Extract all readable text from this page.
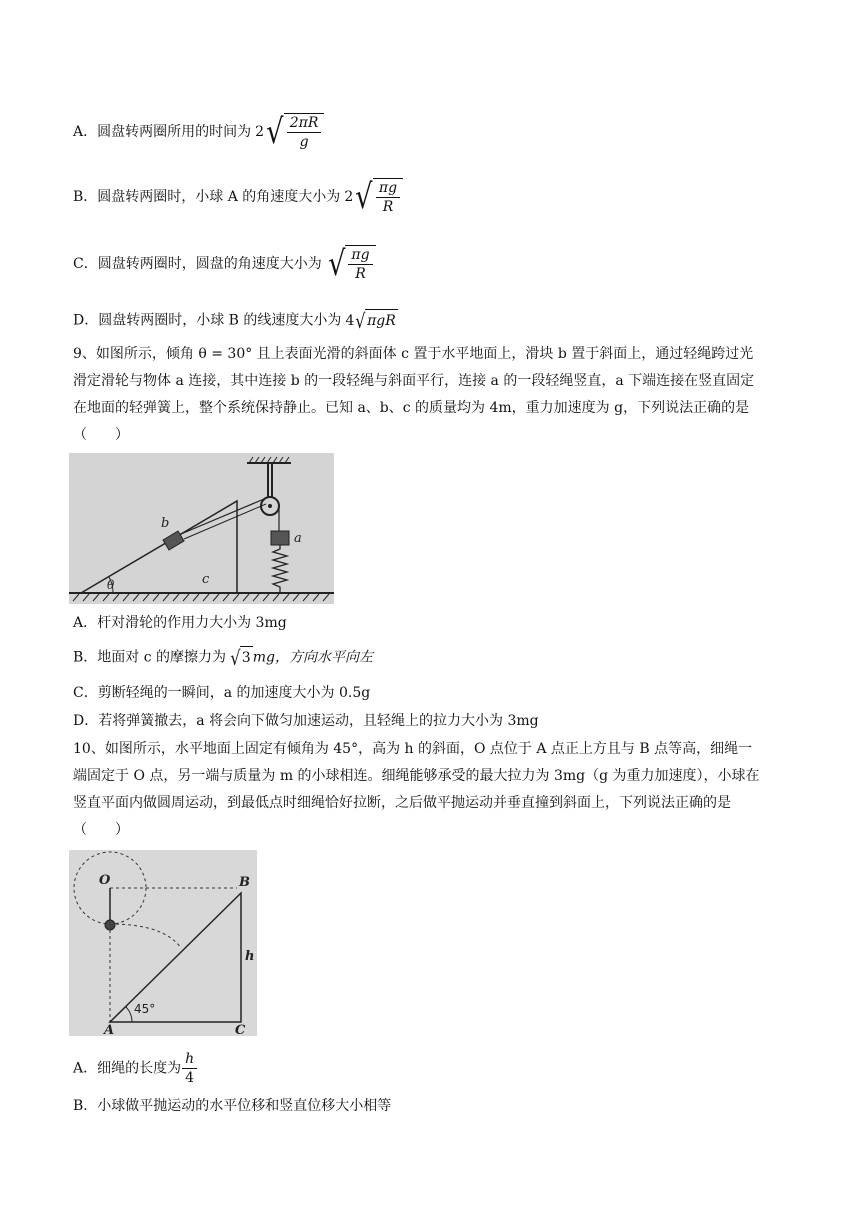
A．圆盘转两圈所用的时间为 2 √ $\frac{2\pi R}{g}$
B．圆盘转两圈时，小球 A 的角速度大小为 2 √ $\frac{\pi g}{R}$
C．圆盘转两圈时，圆盘的角速度大小为 √ $\frac{\pi g}{R}$
D．圆盘转两圈时，小球 B 的线速度大小为 4 √ πgR
9、如图所示，倾角 θ = 30° 且上表面光滑的斜面体 c 置于水平地面上，滑块 b 置于斜面上，通过轻绳跨过光
滑定滑轮与物体 a 连接，其中连接 b 的一段轻绳与斜面平行，连接 a 的一段轻绳竖直，a 下端连接在竖直固定
在地面的轻弹簧上，整个系统保持静止。已知 a、b、c 的质量均为 4m，重力加速度为 g，下列说法正确的是
（　　）
b
a
c
θ
A．杆对滑轮的作用力大小为 3mg
B．地面对 c 的摩擦力为 √ 3 mg，方向水平向左
C．剪断轻绳的一瞬间，a 的加速度大小为 0.5g
D．若将弹簧撤去，a 将会向下做匀加速运动，且轻绳上的拉力大小为 3mg
10、如图所示，水平地面上固定有倾角为 45°，高为 h 的斜面，O 点位于 A 点正上方且与 B 点等高，细绳一
端固定于 O 点，另一端与质量为 m 的小球相连。细绳能够承受的最大拉力为 3mg（g 为重力加速度），小球在
竖直平面内做圆周运动，到最低点时细绳恰好拉断，之后做平抛运动并垂直撞到斜面上，下列说法正确的是
（　　）
O	B
h
A	C
45°
A．细绳的长度为 $\frac{h}{4}$
B．小球做平抛运动的水平位移和竖直位移大小相等
